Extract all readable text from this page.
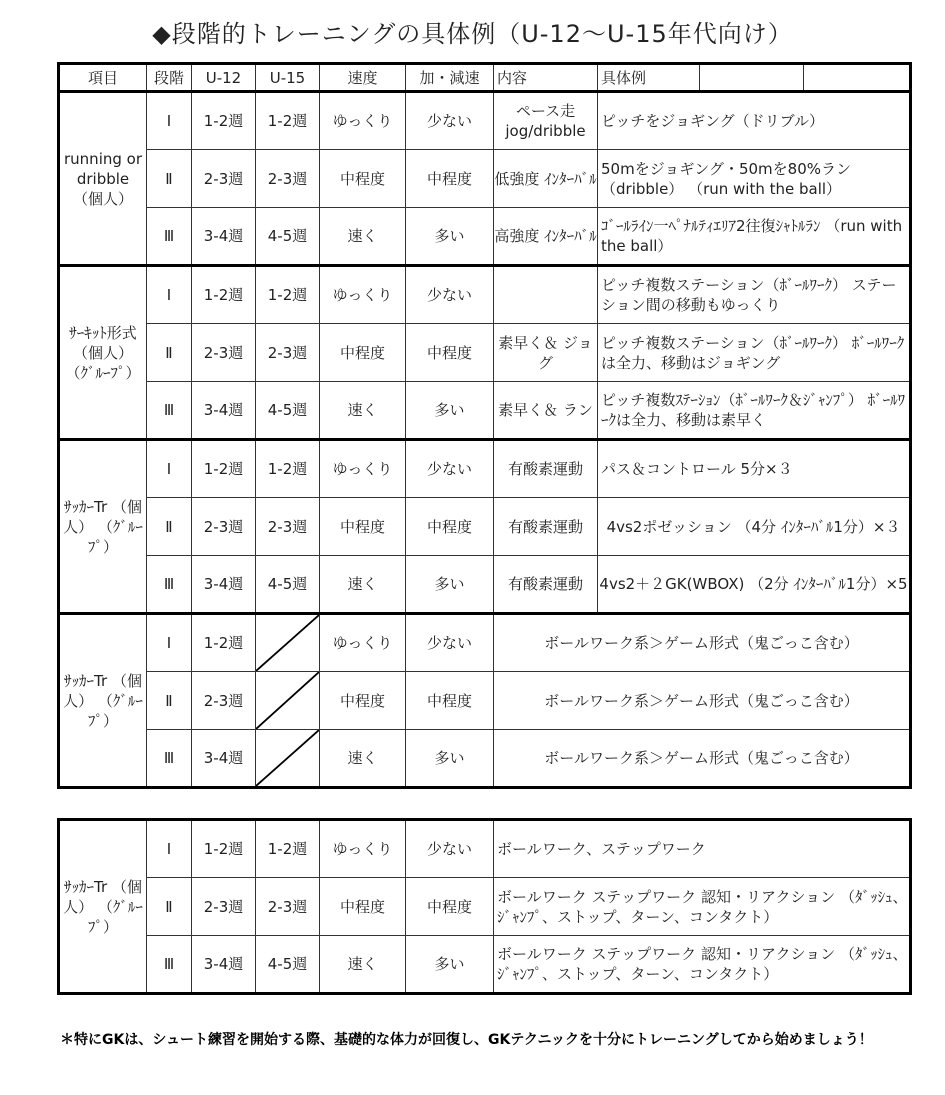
◆段階的トレーニングの具体例（U-12～U-15年代向け）
項目	段階	U-12	U-15	速度	加・減速	内容	具体例		
running or dribble （個人）	Ⅰ	1-2週	1-2週	ゆっくり	少ない	ペース走 jog/dribble	ピッチをジョギング（ドリブル）		
	Ⅱ	2-3週	2-3週	中程度	中程度	低強度 ｲﾝﾀｰﾊﾞﾙ	50mをジョギング・50mを80%ラン （dribble） （run with the ball）		
	Ⅲ	3-4週	4-5週	速く	多い	高強度 ｲﾝﾀｰﾊﾞﾙ	ｺﾞｰﾙﾗｲﾝ一ﾍﾟﾅﾙﾃｨｴﾘｱ2往復ｼｬﾄﾙﾗﾝ （run with the ball）		
ｻｰｷｯﾄ形式 （個人） （ｸﾞﾙｰﾌﾟ）	Ⅰ	1-2週	1-2週	ゆっくり	少ない		ピッチ複数ステーション（ﾎﾞｰﾙﾜｰｸ） ステーション間の移動もゆっくり		
	Ⅱ	2-3週	2-3週	中程度	中程度	素早く＆ ジョグ	ピッチ複数ステーション（ﾎﾞｰﾙﾜｰｸ） ﾎﾞｰﾙﾜｰｸは全力、移動はジョギング		
	Ⅲ	3-4週	4-5週	速く	多い	素早く＆ ラン	ピッチ複数ｽﾃｰｼｮﾝ（ﾎﾞｰﾙﾜｰｸ＆ｼﾞｬﾝﾌﾟ） ﾎﾞｰﾙﾜｰｸは全力、移動は素早く		
ｻｯｶｰTr （個人） （ｸﾞﾙｰﾌﾟ）	Ⅰ	1-2週	1-2週	ゆっくり	少ない	有酸素運動	パス＆コントロール 5分×３		
	Ⅱ	2-3週	2-3週	中程度	中程度	有酸素運動	4vs2ポゼッション （4分 ｲﾝﾀｰﾊﾞﾙ1分）×３		
	Ⅲ	3-4週	4-5週	速く	多い	有酸素運動	4vs2＋２GK(WBOX) （2分 ｲﾝﾀｰﾊﾞﾙ1分）×5		
ｻｯｶｰTr （個人） （ｸﾞﾙｰﾌﾟ）	Ⅰ	1-2週		ゆっくり	少ない	ボールワーク系＞ゲーム形式（鬼ごっこ含む）			
	Ⅱ	2-3週		中程度	中程度	ボールワーク系＞ゲーム形式（鬼ごっこ含む）			
	Ⅲ	3-4週		速く	多い	ボールワーク系＞ゲーム形式（鬼ごっこ含む）			
ｻｯｶｰTr （個人） （ｸﾞﾙｰﾌﾟ）	Ⅰ	1-2週	1-2週	ゆっくり	少ない	ボールワーク、ステップワーク
	Ⅱ	2-3週	2-3週	中程度	中程度	ボールワーク ステップワーク 認知・リアクション （ﾀﾞｯｼｭ、ｼﾞｬﾝﾌﾟ、ストップ、ターン、コンタクト）
	Ⅲ	3-4週	4-5週	速く	多い	ボールワーク ステップワーク 認知・リアクション （ﾀﾞｯｼｭ、ｼﾞｬﾝﾌﾟ、ストップ、ターン、コンタクト）
＊特にGKは、シュート練習を開始する際、基礎的な体力が回復し、GKテクニックを十分にトレーニングしてから始めましょう！
